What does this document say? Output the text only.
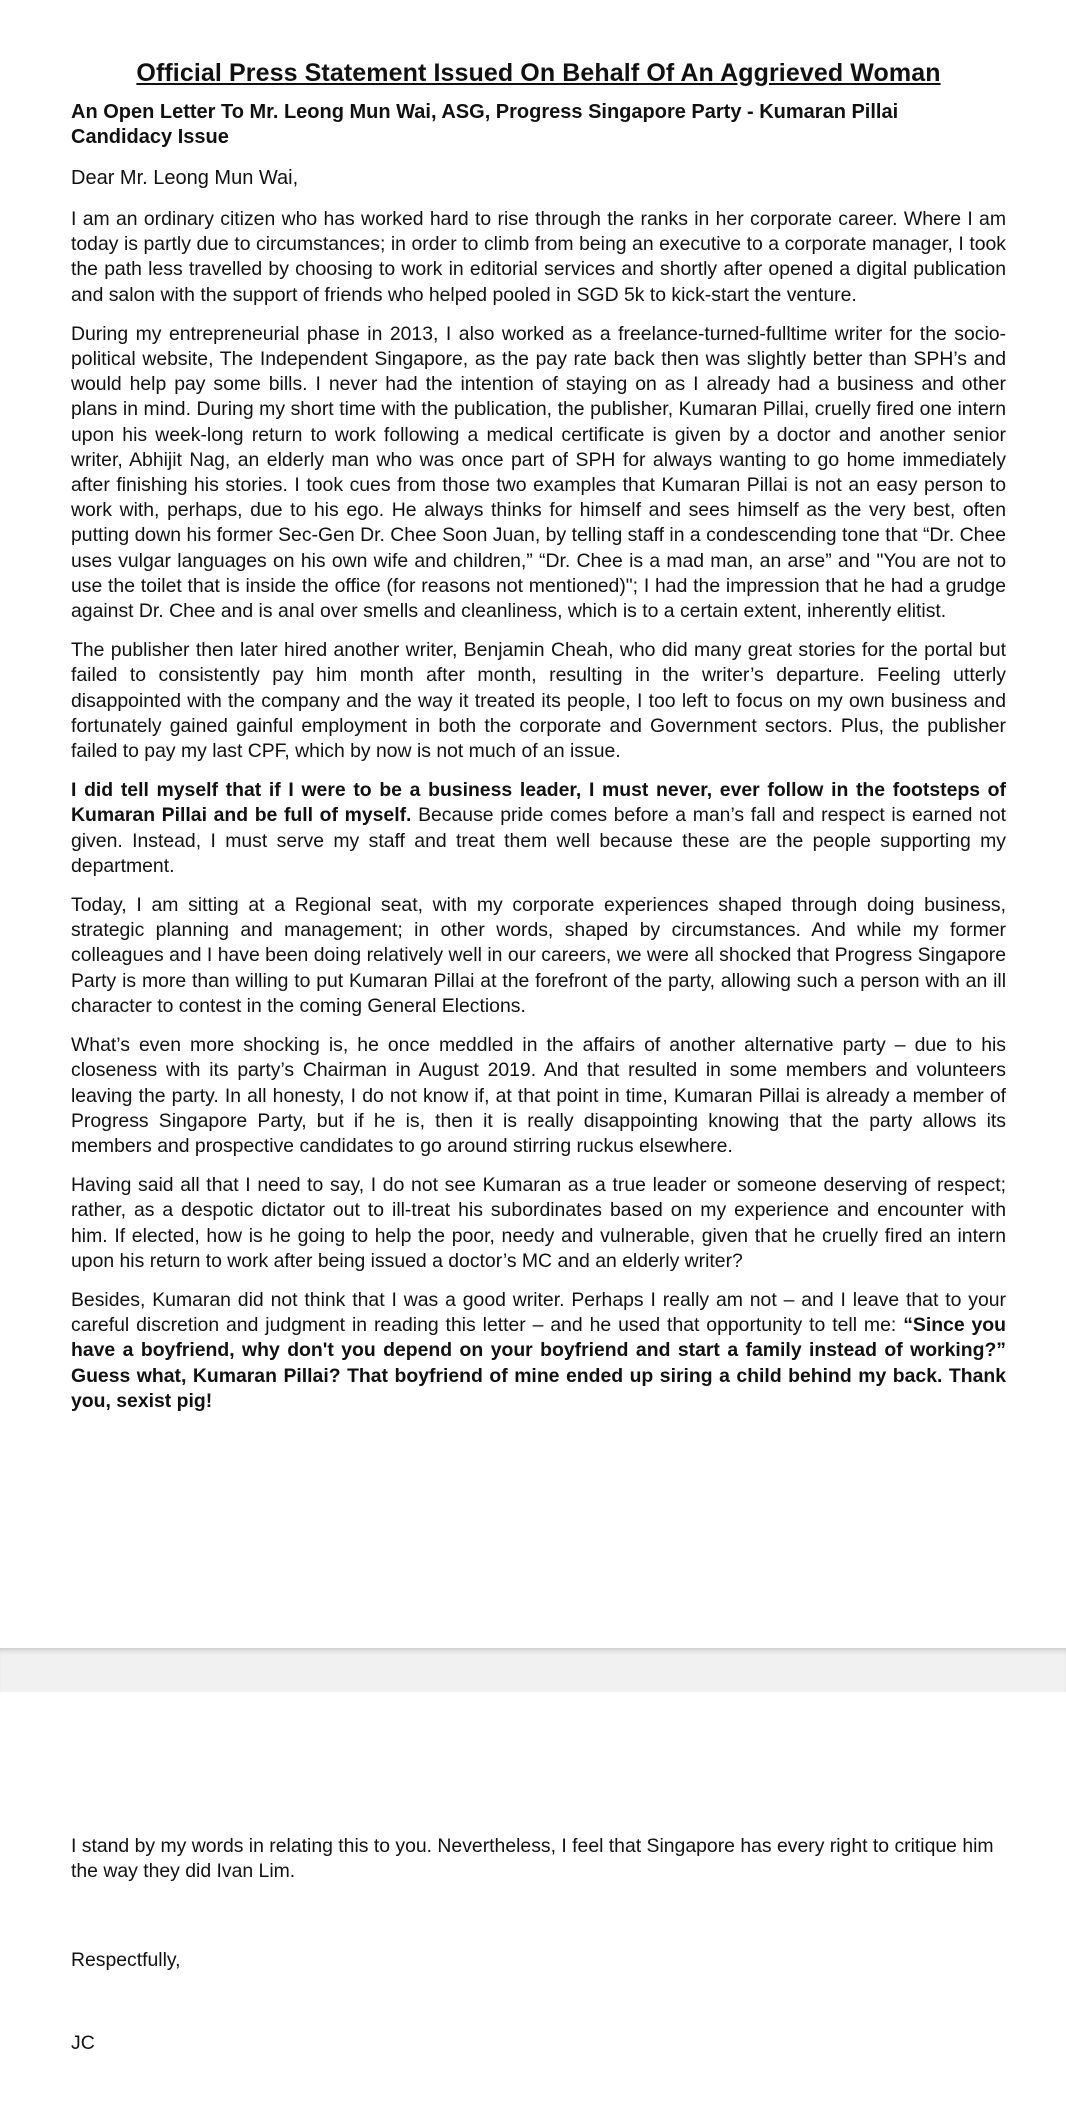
Official Press Statement Issued On Behalf Of An Aggrieved Woman
An Open Letter To Mr. Leong Mun Wai, ASG, Progress Singapore Party - Kumaran Pillai Candidacy Issue

Dear Mr. Leong Mun Wai,

I am an ordinary citizen who has worked hard to rise through the ranks in her corporate career. Where I am today is partly due to circumstances; in order to climb from being an executive to a corporate manager, I took the path less travelled by choosing to work in editorial services and shortly after opened a digital publication and salon with the support of friends who helped pooled in SGD 5k to kick-start the venture.

During my entrepreneurial phase in 2013, I also worked as a freelance-turned-fulltime writer for the socio-political website, The Independent Singapore, as the pay rate back then was slightly better than SPH’s and would help pay some bills. I never had the intention of staying on as I already had a business and other plans in mind. During my short time with the publication, the publisher, Kumaran Pillai, cruelly fired one intern upon his week-long return to work following a medical certificate is given by a doctor and another senior writer, Abhijit Nag, an elderly man who was once part of SPH for always wanting to go home immediately after finishing his stories. I took cues from those two examples that Kumaran Pillai is not an easy person to work with, perhaps, due to his ego. He always thinks for himself and sees himself as the very best, often putting down his former Sec-Gen Dr. Chee Soon Juan, by telling staff in a condescending tone that “Dr. Chee uses vulgar languages on his own wife and children,” “Dr. Chee is a mad man, an arse” and "You are not to use the toilet that is inside the office (for reasons not mentioned)"; I had the impression that he had a grudge against Dr. Chee and is anal over smells and cleanliness, which is to a certain extent, inherently elitist.

The publisher then later hired another writer, Benjamin Cheah, who did many great stories for the portal but failed to consistently pay him month after month, resulting in the writer’s departure. Feeling utterly disappointed with the company and the way it treated its people, I too left to focus on my own business and fortunately gained gainful employment in both the corporate and Government sectors. Plus, the publisher failed to pay my last CPF, which by now is not much of an issue.

I did tell myself that if I were to be a business leader, I must never, ever follow in the footsteps of Kumaran Pillai and be full of myself. Because pride comes before a man’s fall and respect is earned not given. Instead, I must serve my staff and treat them well because these are the people supporting my department.

Today, I am sitting at a Regional seat, with my corporate experiences shaped through doing business, strategic planning and management; in other words, shaped by circumstances. And while my former colleagues and I have been doing relatively well in our careers, we were all shocked that Progress Singapore Party is more than willing to put Kumaran Pillai at the forefront of the party, allowing such a person with an ill character to contest in the coming General Elections.

What’s even more shocking is, he once meddled in the affairs of another alternative party – due to his closeness with its party’s Chairman in August 2019. And that resulted in some members and volunteers leaving the party. In all honesty, I do not know if, at that point in time, Kumaran Pillai is already a member of Progress Singapore Party, but if he is, then it is really disappointing knowing that the party allows its members and prospective candidates to go around stirring ruckus elsewhere.

Having said all that I need to say, I do not see Kumaran as a true leader or someone deserving of respect; rather, as a despotic dictator out to ill-treat his subordinates based on my experience and encounter with him. If elected, how is he going to help the poor, needy and vulnerable, given that he cruelly fired an intern upon his return to work after being issued a doctor’s MC and an elderly writer?

Besides, Kumaran did not think that I was a good writer. Perhaps I really am not – and I leave that to your careful discretion and judgment in reading this letter – and he used that opportunity to tell me: “Since you have a boyfriend, why don't you depend on your boyfriend and start a family instead of working?” Guess what, Kumaran Pillai? That boyfriend of mine ended up siring a child behind my back. Thank you, sexist pig!

I stand by my words in relating this to you. Nevertheless, I feel that Singapore has every right to critique him the way they did Ivan Lim.

Respectfully,

JC
